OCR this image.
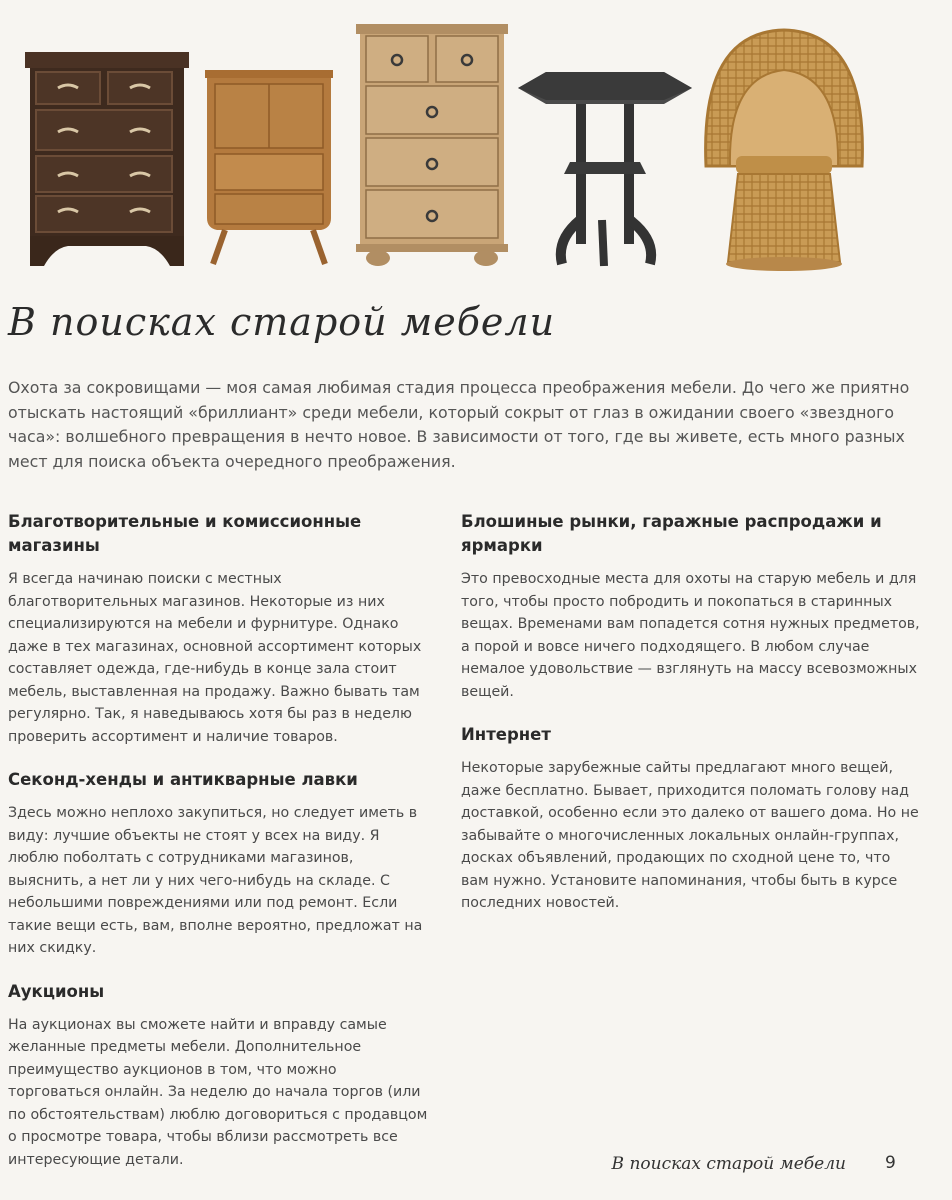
В поисках старой мебели

Охота за сокровищами — моя самая любимая стадия процесса преображения мебели. До чего же приятно отыскать настоящий «бриллиант» среди мебели, который сокрыт от глаз в ожидании своего «звездного часа»: волшебного превращения в нечто новое. В зависимости от того, где вы живете, есть много разных мест для поиска объекта очередного преображения.

Благотворительные и комиссионные магазины

Я всегда начинаю поиски с местных благотворительных магазинов. Некоторые из них специализируются на мебели и фурнитуре. Однако даже в тех магазинах, основной ассортимент которых составляет одежда, где-нибудь в конце зала стоит мебель, выставленная на продажу. Важно бывать там регулярно. Так, я наведываюсь хотя бы раз в неделю проверить ассортимент и наличие товаров.

Секонд-хенды и антикварные лавки

Здесь можно неплохо закупиться, но следует иметь в виду: лучшие объекты не стоят у всех на виду. Я люблю поболтать с сотрудниками магазинов, выяснить, а нет ли у них чего-нибудь на складе. С небольшими повреждениями или под ремонт. Если такие вещи есть, вам, вполне вероятно, предложат на них скидку.

Аукционы

На аукционах вы сможете найти и вправду самые желанные предметы мебели. Дополнительное преимущество аукционов в том, что можно торговаться онлайн. За неделю до начала торгов (или по обстоятельствам) люблю договориться с продавцом о просмотре товара, чтобы вблизи рассмотреть все интересующие детали.

Блошиные рынки, гаражные распродажи и ярмарки

Это превосходные места для охоты на старую мебель и для того, чтобы просто побродить и покопаться в старинных вещах. Временами вам попадется сотня нужных предметов, а порой и вовсе ничего подходящего. В любом случае немалое удовольствие — взглянуть на массу всевозможных вещей.

Интернет

Некоторые зарубежные сайты предлагают много вещей, даже бесплатно. Бывает, приходится поломать голову над доставкой, особенно если это далеко от вашего дома. Но не забывайте о многочисленных локальных онлайн-группах, досках объявлений, продающих по сходной цене то, что вам нужно. Установите напоминания, чтобы быть в курсе последних новостей.

В поисках старой мебели 9
